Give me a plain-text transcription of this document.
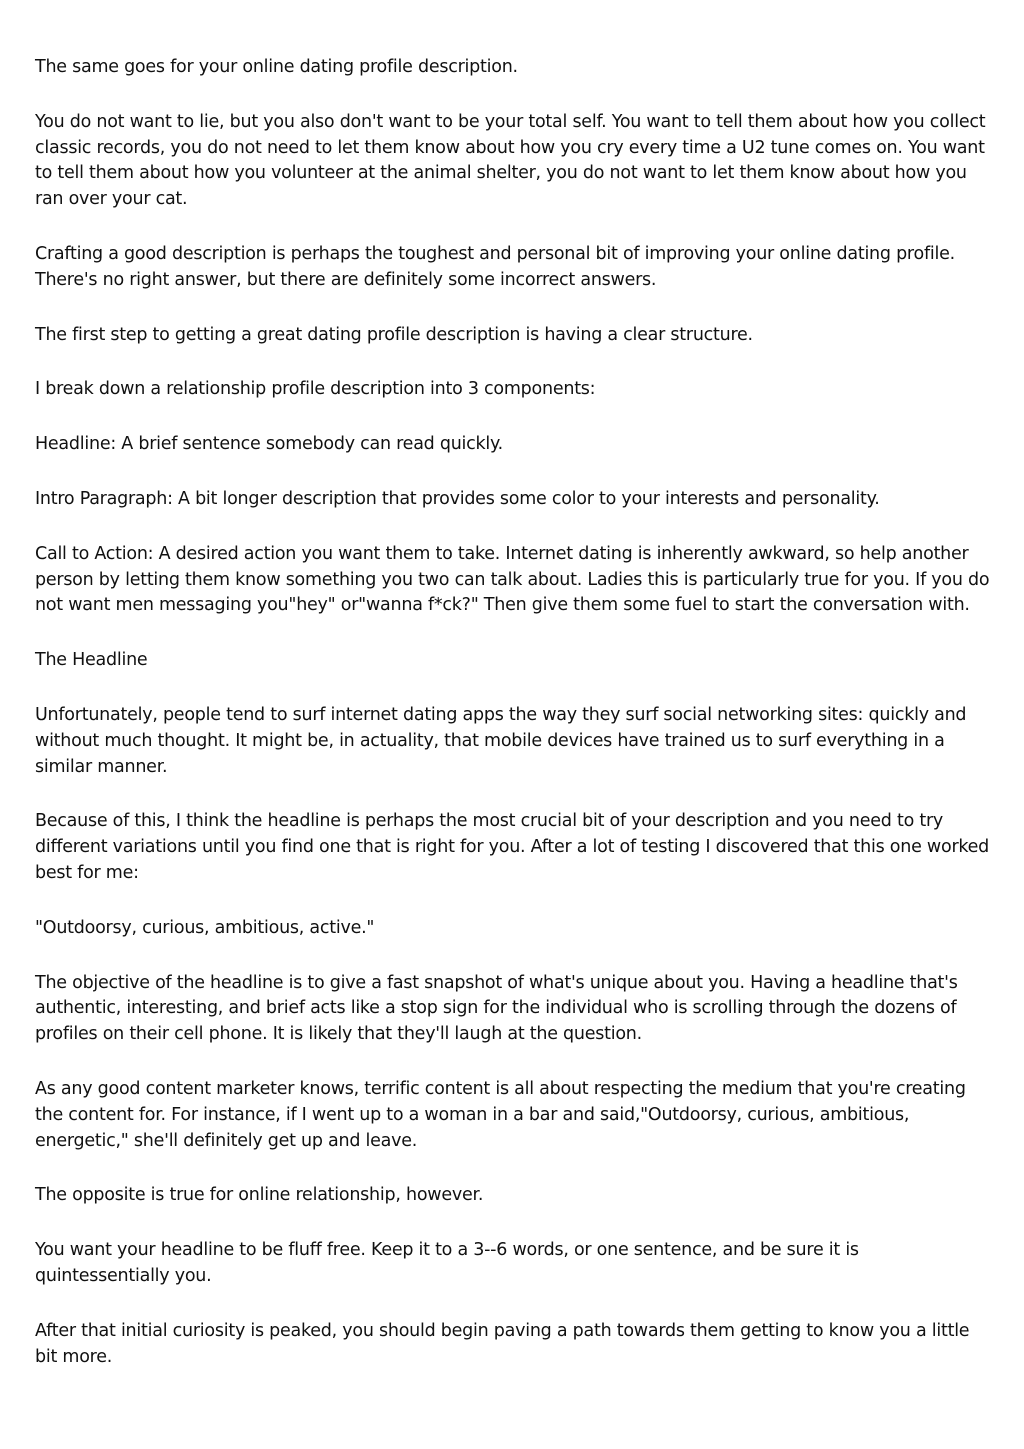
The same goes for your online dating profile description.

You do not want to lie, but you also don't want to be your total self. You want to tell them about how you collect classic records, you do not need to let them know about how you cry every time a U2 tune comes on. You want to tell them about how you volunteer at the animal shelter, you do not want to let them know about how you ran over your cat.

Crafting a good description is perhaps the toughest and personal bit of improving your online dating profile. There's no right answer, but there are definitely some incorrect answers.

The first step to getting a great dating profile description is having a clear structure.

I break down a relationship profile description into 3 components:

Headline: A brief sentence somebody can read quickly.

Intro Paragraph: A bit longer description that provides some color to your interests and personality.

Call to Action: A desired action you want them to take. Internet dating is inherently awkward, so help another person by letting them know something you two can talk about. Ladies this is particularly true for you. If you do not want men messaging you"hey" or"wanna f*ck?" Then give them some fuel to start the conversation with.

The Headline

Unfortunately, people tend to surf internet dating apps the way they surf social networking sites: quickly and without much thought. It might be, in actuality, that mobile devices have trained us to surf everything in a similar manner.

Because of this, I think the headline is perhaps the most crucial bit of your description and you need to try different variations until you find one that is right for you. After a lot of testing I discovered that this one worked best for me:

"Outdoorsy, curious, ambitious, active."

The objective of the headline is to give a fast snapshot of what's unique about you. Having a headline that's authentic, interesting, and brief acts like a stop sign for the individual who is scrolling through the dozens of profiles on their cell phone. It is likely that they'll laugh at the question.

As any good content marketer knows, terrific content is all about respecting the medium that you're creating the content for. For instance, if I went up to a woman in a bar and said,"Outdoorsy, curious, ambitious, energetic," she'll definitely get up and leave.

The opposite is true for online relationship, however.

You want your headline to be fluff free. Keep it to a 3--6 words, or one sentence, and be sure it is quintessentially you.

After that initial curiosity is peaked, you should begin paving a path towards them getting to know you a little bit more.
